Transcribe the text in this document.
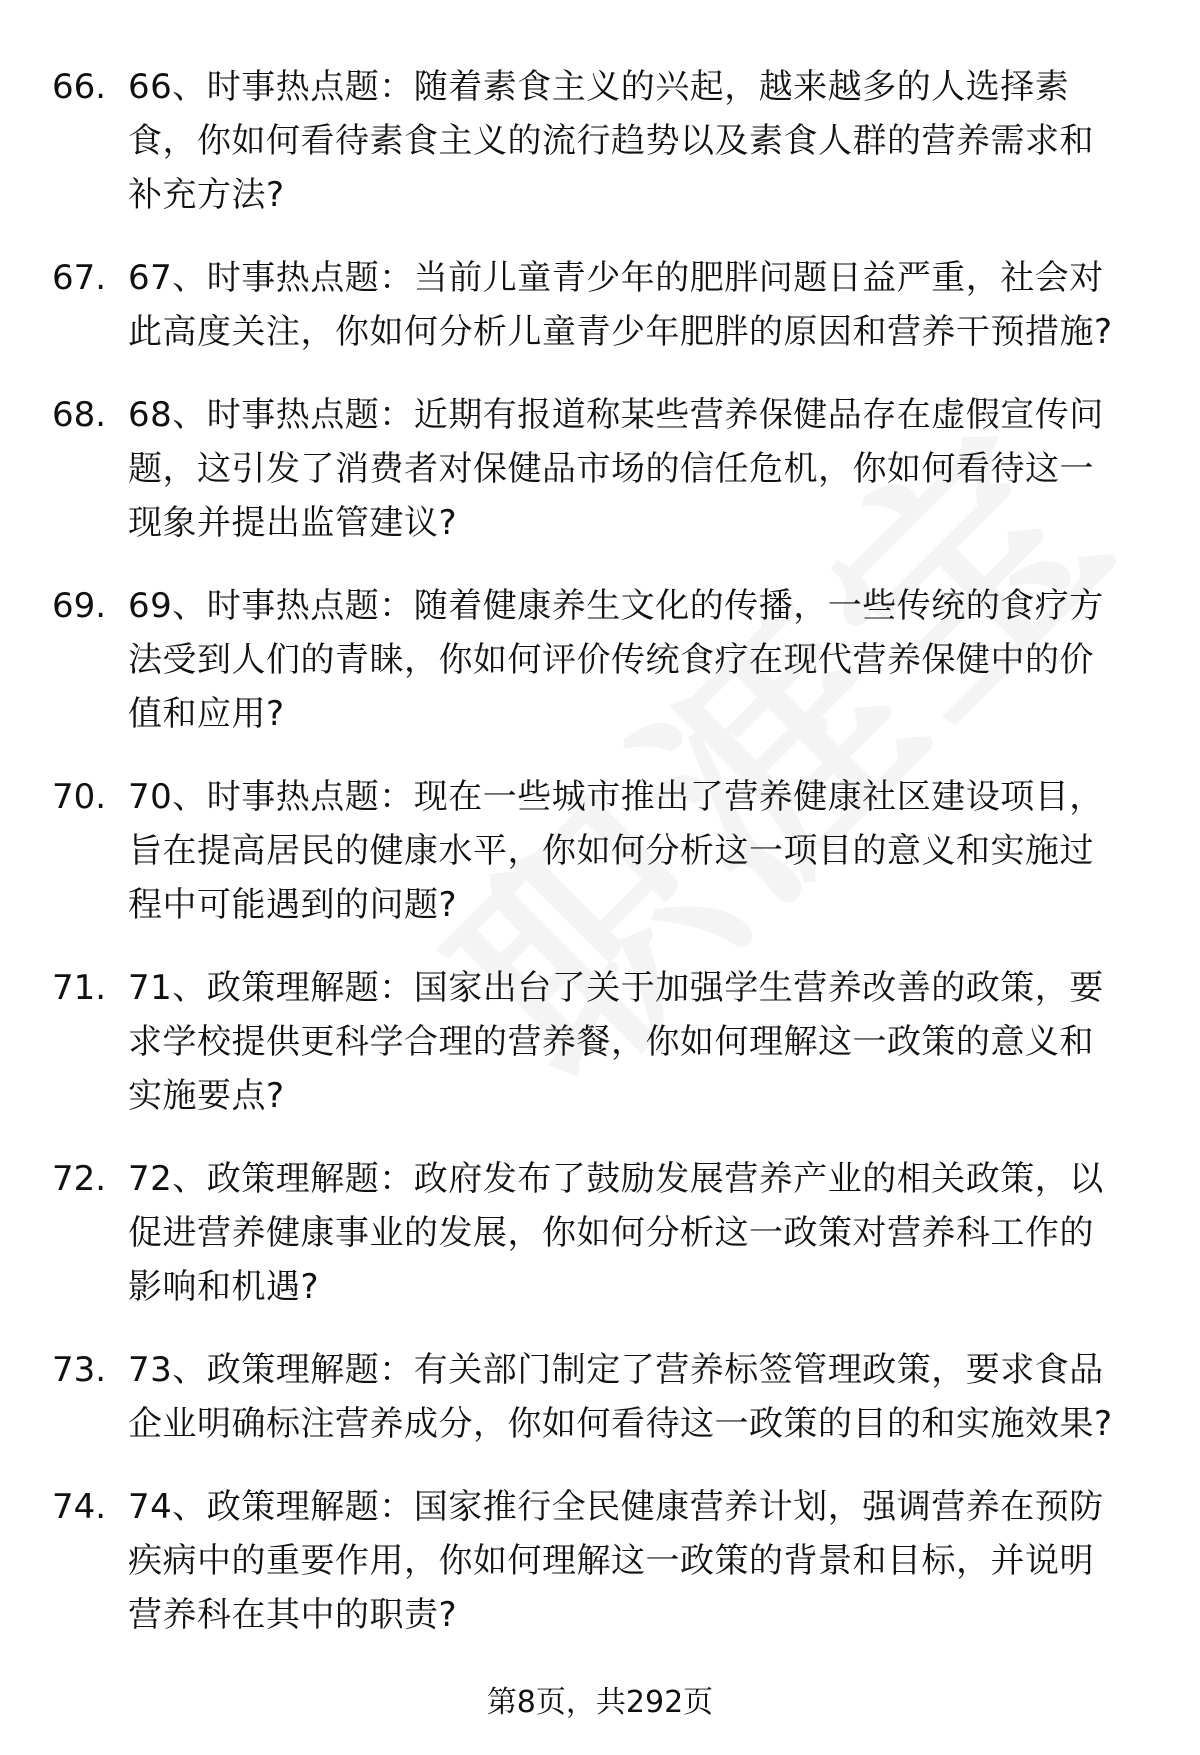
66. 66、时事热点题：随着素食主义的兴起，越来越多的人选择素食，你如何看待素食主义的流行趋势以及素食人群的营养需求和补充方法?
67. 67、时事热点题：当前儿童青少年的肥胖问题日益严重，社会对此高度关注，你如何分析儿童青少年肥胖的原因和营养干预措施?
68. 68、时事热点题：近期有报道称某些营养保健品存在虚假宣传问题，这引发了消费者对保健品市场的信任危机，你如何看待这一现象并提出监管建议?
69. 69、时事热点题：随着健康养生文化的传播，一些传统的食疗方法受到人们的青睐，你如何评价传统食疗在现代营养保健中的价值和应用?
70. 70、时事热点题：现在一些城市推出了营养健康社区建设项目，旨在提高居民的健康水平，你如何分析这一项目的意义和实施过程中可能遇到的问题?
71. 71、政策理解题：国家出台了关于加强学生营养改善的政策，要求学校提供更科学合理的营养餐，你如何理解这一政策的意义和实施要点?
72. 72、政策理解题：政府发布了鼓励发展营养产业的相关政策，以促进营养健康事业的发展，你如何分析这一政策对营养科工作的影响和机遇?
73. 73、政策理解题：有关部门制定了营养标签管理政策，要求食品企业明确标注营养成分，你如何看待这一政策的目的和实施效果?
74. 74、政策理解题：国家推行全民健康营养计划，强调营养在预防疾病中的重要作用，你如何理解这一政策的背景和目标，并说明营养科在其中的职责?
第8页，共292页
